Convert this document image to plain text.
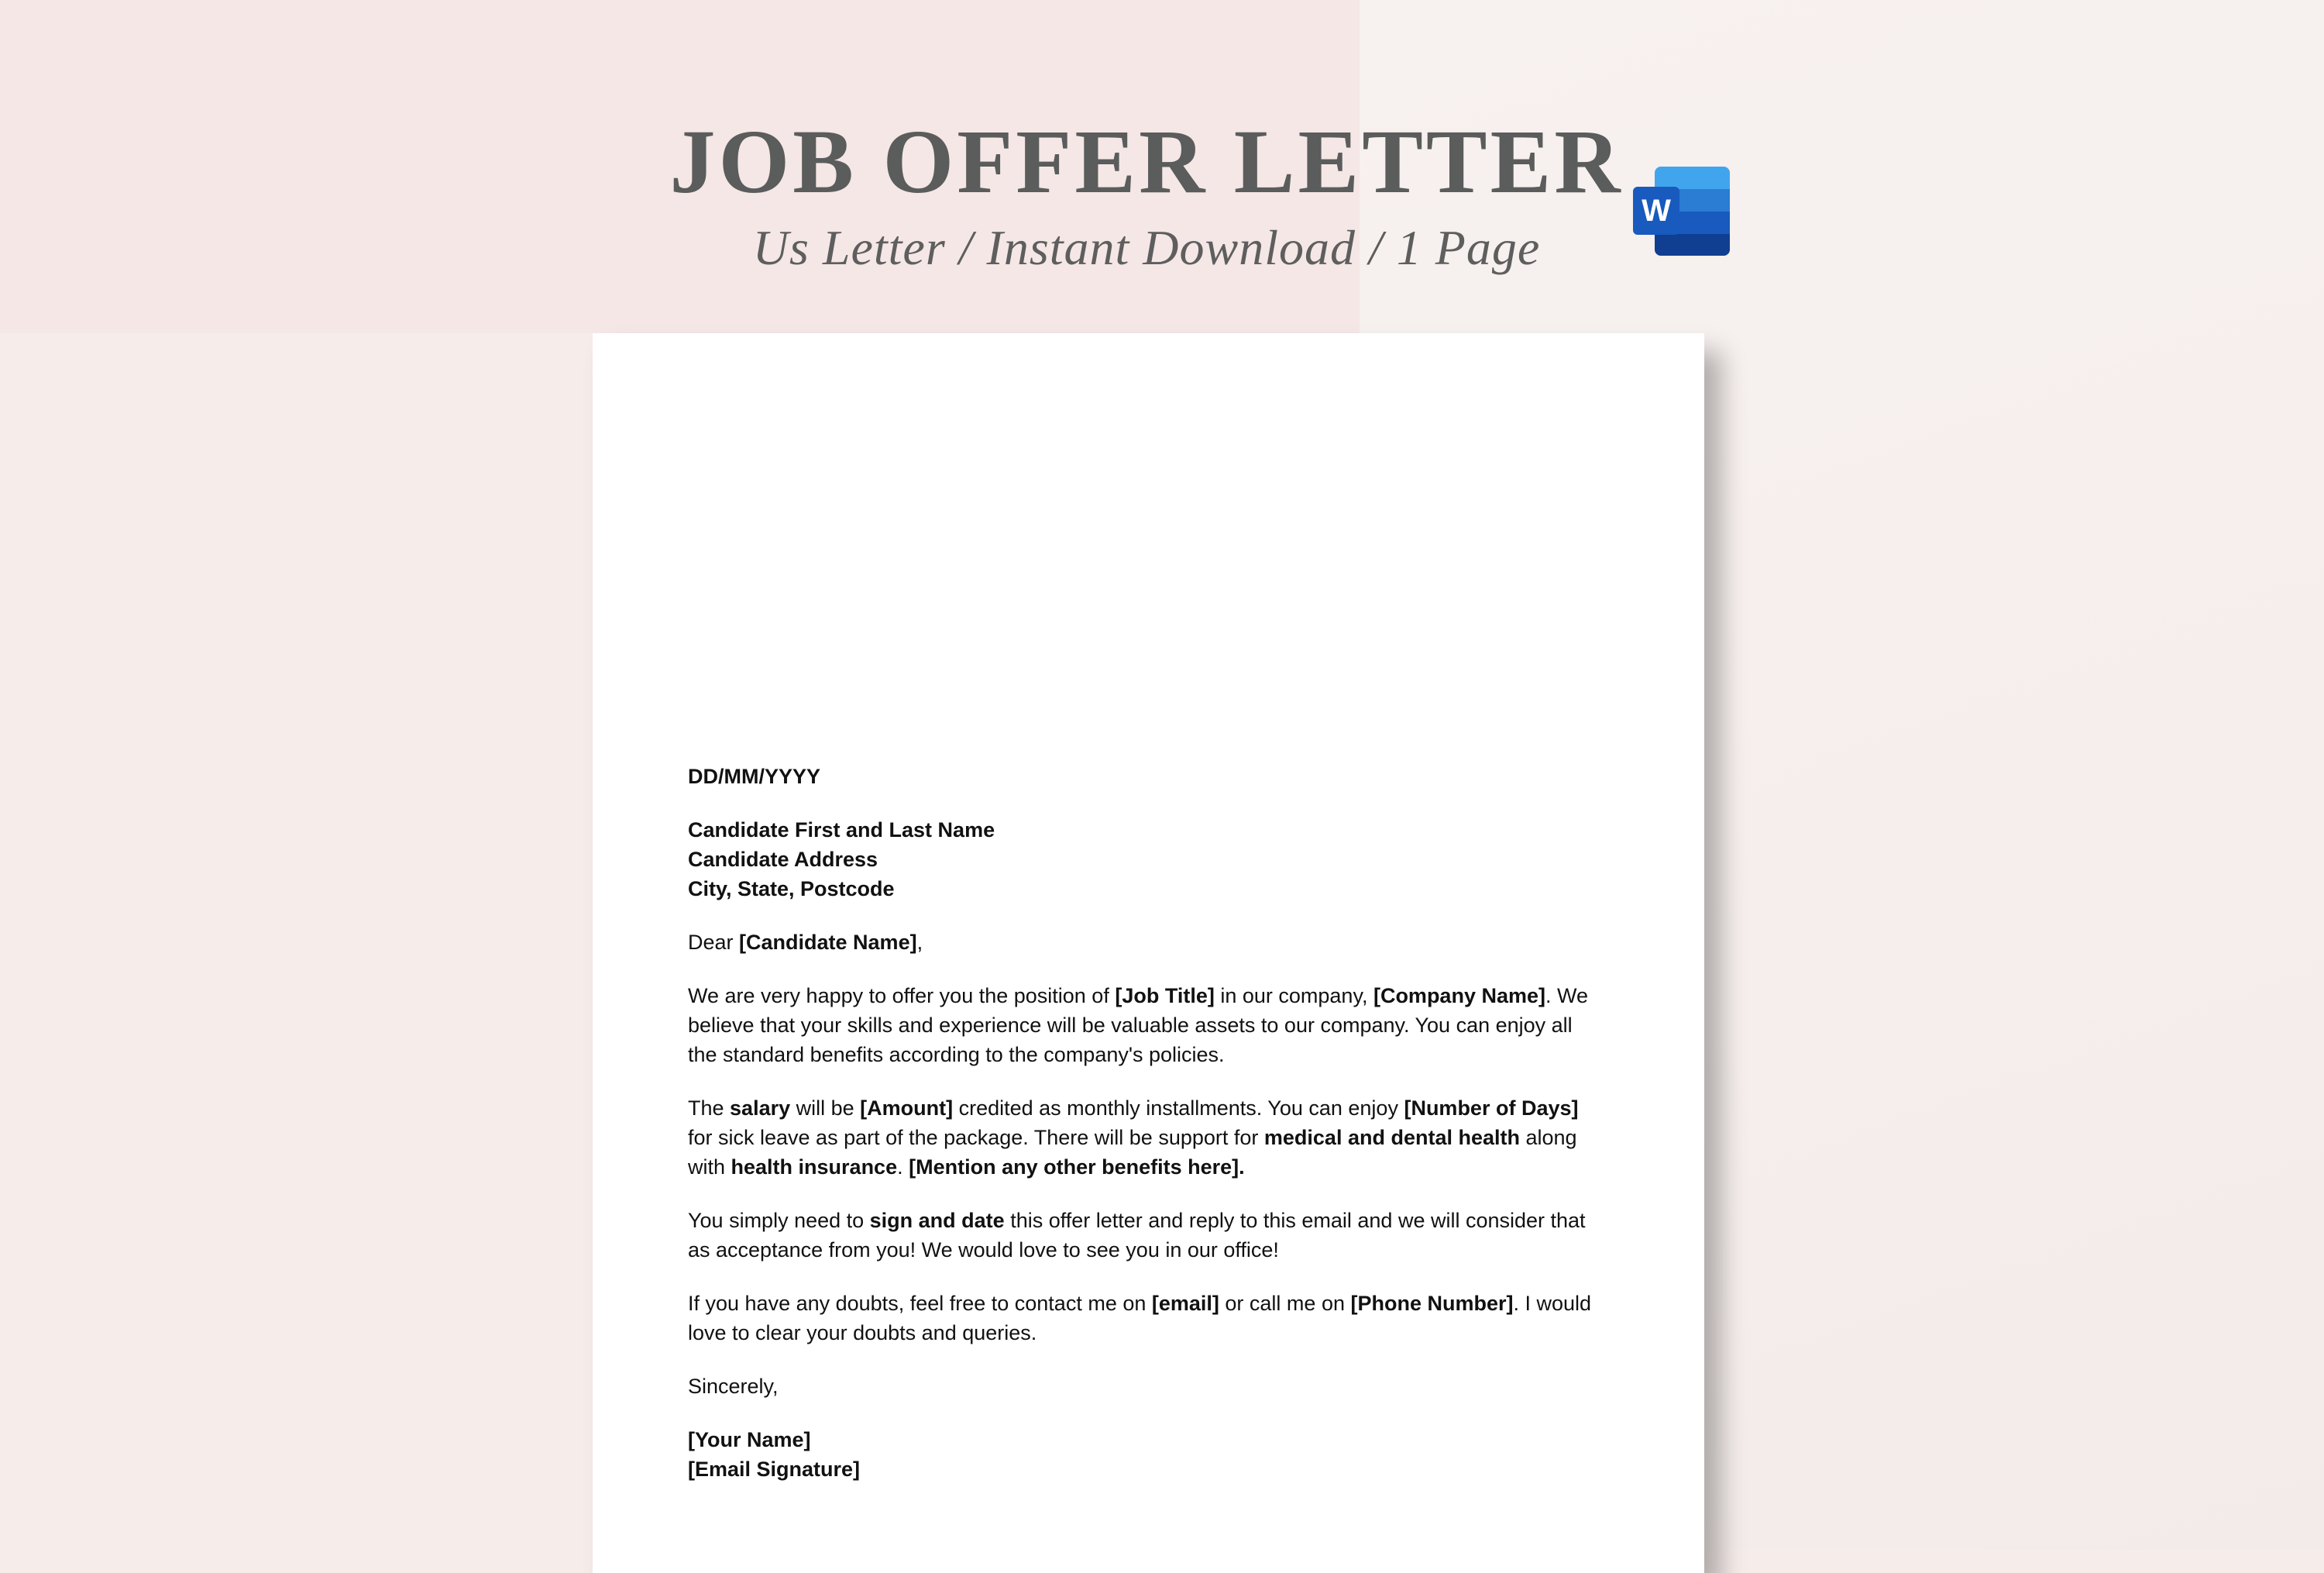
JOB OFFER LETTER
Us Letter / Instant Download / 1 Page
W

DD/MM/YYYY

Candidate First and Last Name
Candidate Address
City, State, Postcode

Dear [Candidate Name],

We are very happy to offer you the position of [Job Title] in our company, [Company Name]. We believe that your skills and experience will be valuable assets to our company. You can enjoy all the standard benefits according to the company's policies.

The salary will be [Amount] credited as monthly installments. You can enjoy [Number of Days] for sick leave as part of the package. There will be support for medical and dental health along with health insurance. [Mention any other benefits here].

You simply need to sign and date this offer letter and reply to this email and we will consider that as acceptance from you! We would love to see you in our office!

If you have any doubts, feel free to contact me on [email] or call me on [Phone Number]. I would love to clear your doubts and queries.

Sincerely,

[Your Name]
[Email Signature]
